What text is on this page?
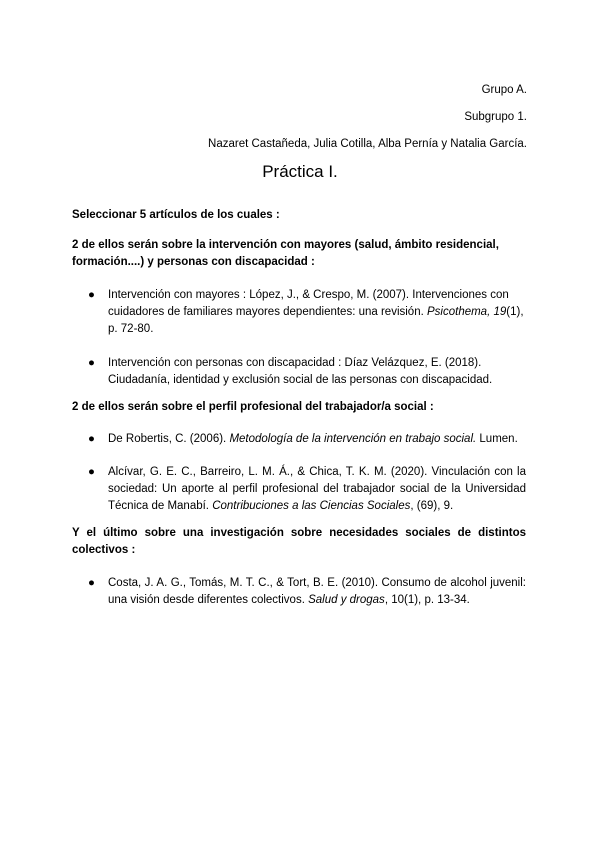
Grupo A.
Subgrupo 1.
Nazaret Castañeda, Julia Cotilla, Alba Pernía y Natalia García.
Práctica I.

Seleccionar 5 artículos de los cuales :

2 de ellos serán sobre la intervención con mayores (salud, ámbito residencial, formación....) y personas con discapacidad :

● Intervención con mayores : López, J., & Crespo, M. (2007). Intervenciones con cuidadores de familiares mayores dependientes: una revisión. Psicothema, 19(1), p. 72-80.
● Intervención con personas con discapacidad : Díaz Velázquez, E. (2018). Ciudadanía, identidad y exclusión social de las personas con discapacidad.

2 de ellos serán sobre el perfil profesional del trabajador/a social :

● De Robertis, C. (2006). Metodología de la intervención en trabajo social. Lumen.
● Alcívar, G. E. C., Barreiro, L. M. Á., & Chica, T. K. M. (2020). Vinculación con la sociedad: Un aporte al perfil profesional del trabajador social de la Universidad Técnica de Manabí. Contribuciones a las Ciencias Sociales, (69), 9.

Y el último sobre una investigación sobre necesidades sociales de distintos colectivos :

● Costa, J. A. G., Tomás, M. T. C., & Tort, B. E. (2010). Consumo de alcohol juvenil: una visión desde diferentes colectivos. Salud y drogas, 10(1), p. 13-34.
